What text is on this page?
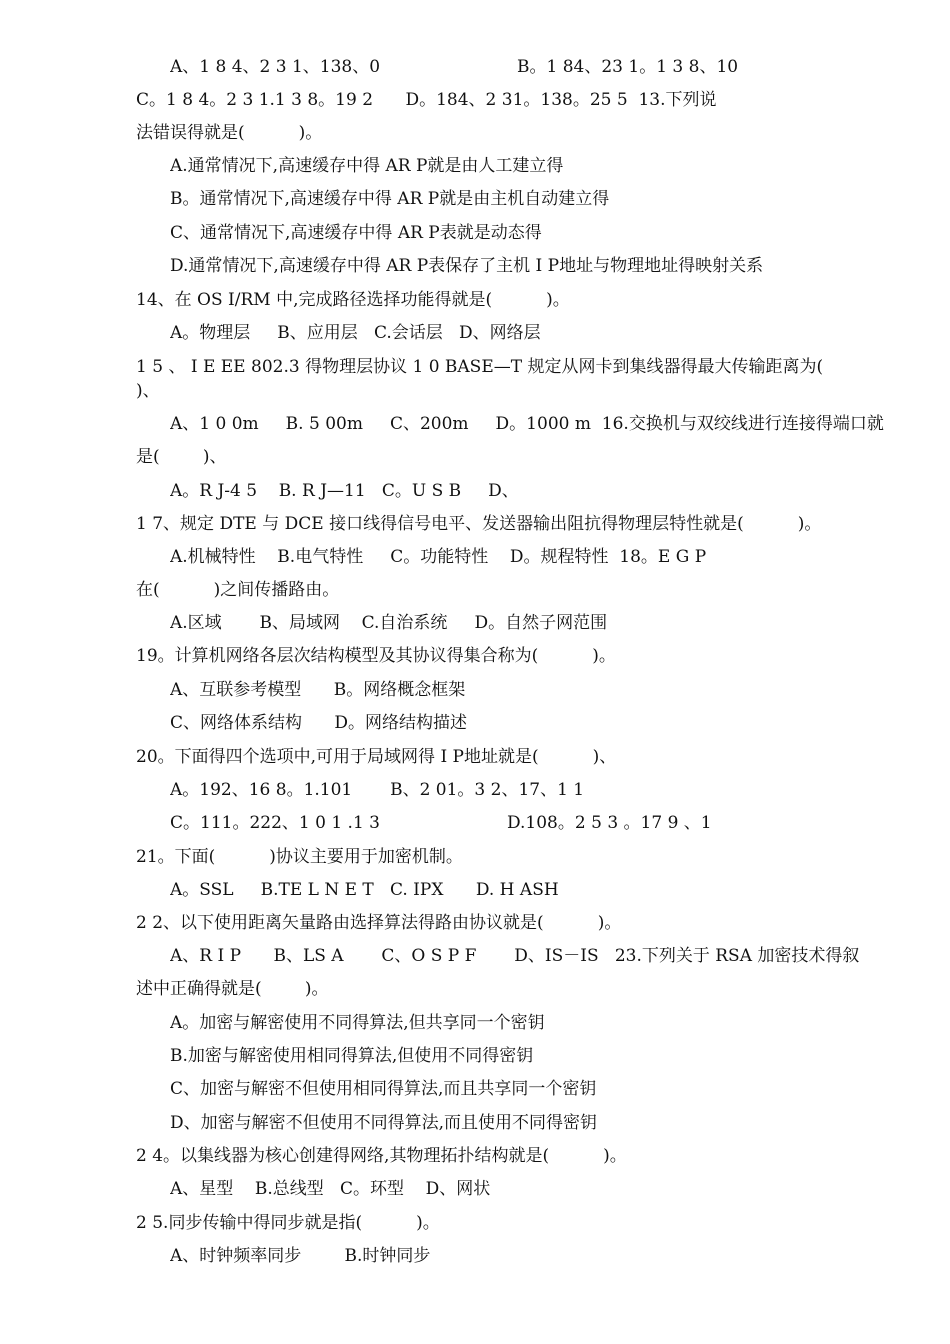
A、1 8 4、2 3 1、138、0	B。1 84、23 1。1 3 8、10
C。1 8 4。2 3 1.1 3 8。19 2      D。184、2 31。138。25 5  13.下列说
法错误得就是(          )。
A.通常情况下,高速缓存中得 AR P就是由人工建立得
B。通常情况下,高速缓存中得 AR P就是由主机自动建立得
C、通常情况下,高速缓存中得 AR P表就是动态得
D.通常情况下,高速缓存中得 AR P表保存了主机 I P地址与物理地址得映射关系
14、在 OS I/RM 中,完成路径选择功能得就是(          )。
A。物理层     B、应用层   C.会话层   D、网络层
1 5 、 I E EE 802.3 得物理层协议 1 0 BASE—T 规定从网卡到集线器得最大传输距离为(
)、
A、1 0 0m     B. 5 00m     C、200m     D。1000 m  16.交换机与双绞线进行连接得端口就
是(        )、
A。R J-4 5    B. R J—11   C。U S B     D、
1 7、规定 DTE 与 DCE 接口线得信号电平、发送器输出阻抗得物理层特性就是(          )。
A.机械特性    B.电气特性     C。功能特性    D。规程特性  18。E G P
在(          )之间传播路由。
A.区域       B、局域网    C.自治系统     D。自然子网范围
19。计算机网络各层次结构模型及其协议得集合称为(          )。
A、互联参考模型      B。网络概念框架
C、网络体系结构      D。网络结构描述
20。下面得四个选项中,可用于局域网得 I P地址就是(          )、
A。192、16 8。1.101       B、2 01。3 2、17、1 1
C。111。222、1 0 1 .1 3	D.108。2 5 3 。17 9 、1
21。下面(          )协议主要用于加密机制。
A。SSL     B.TE L N E T   C. IPX      D. H ASH
2 2、以下使用距离矢量路由选择算法得路由协议就是(          )。
A、R I P      B、LS A       C、O S P F       D、IS－IS   23.下列关于 RSA 加密技术得叙
述中正确得就是(        )。
A。加密与解密使用不同得算法,但共享同一个密钥
B.加密与解密使用相同得算法,但使用不同得密钥
C、加密与解密不但使用相同得算法,而且共享同一个密钥
D、加密与解密不但使用不同得算法,而且使用不同得密钥
2 4。以集线器为核心创建得网络,其物理拓扑结构就是(          )。
A、星型    B.总线型   C。环型    D、网状
2 5.同步传输中得同步就是指(          )。
A、时钟频率同步        B.时钟同步
